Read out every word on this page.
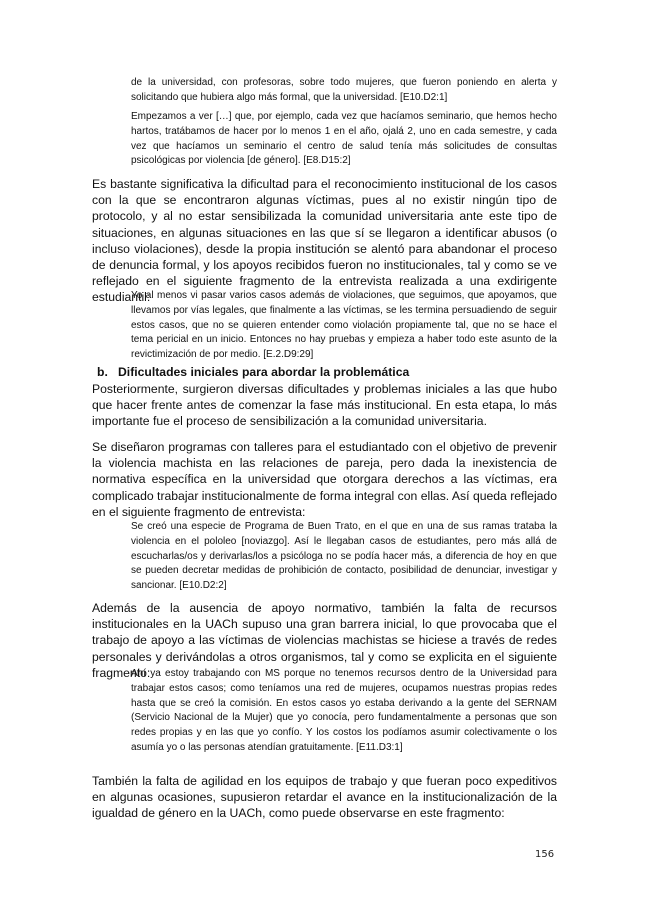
de la universidad, con profesoras, sobre todo mujeres, que fueron poniendo en alerta y solicitando que hubiera algo más formal, que la universidad. [E10.D2:1]

Empezamos a ver […] que, por ejemplo, cada vez que hacíamos seminario, que hemos hecho hartos, tratábamos de hacer por lo menos 1 en el año, ojalá 2, uno en cada semestre, y cada vez que hacíamos un seminario el centro de salud tenía más solicitudes de consultas psicológicas por violencia [de género]. [E8.D15:2]

Es bastante significativa la dificultad para el reconocimiento institucional de los casos con la que se encontraron algunas víctimas, pues al no existir ningún tipo de protocolo, y al no estar sensibilizada la comunidad universitaria ante este tipo de situaciones, en algunas situaciones en las que sí se llegaron a identificar abusos (o incluso violaciones), desde la propia institución se alentó para abandonar el proceso de denuncia formal, y los apoyos recibidos fueron no institucionales, tal y como se ve reflejado en el siguiente fragmento de la entrevista realizada a una exdirigente estudiantil:

Yo al menos vi pasar varios casos además de violaciones, que seguimos, que apoyamos, que llevamos por vías legales, que finalmente a las víctimas, se les termina persuadiendo de seguir estos casos, que no se quieren entender como violación propiamente tal, que no se hace el tema pericial en un inicio. Entonces no hay pruebas y empieza a haber todo este asunto de la revictimización de por medio. [E.2.D9:29]

b. Dificultades iniciales para abordar la problemática

Posteriormente, surgieron diversas dificultades y problemas iniciales a las que hubo que hacer frente antes de comenzar la fase más institucional. En esta etapa, lo más importante fue el proceso de sensibilización a la comunidad universitaria.

Se diseñaron programas con talleres para el estudiantado con el objetivo de prevenir la violencia machista en las relaciones de pareja, pero dada la inexistencia de normativa específica en la universidad que otorgara derechos a las víctimas, era complicado trabajar institucionalmente de forma integral con ellas. Así queda reflejado en el siguiente fragmento de entrevista:

Se creó una especie de Programa de Buen Trato, en el que en una de sus ramas trataba la violencia en el pololeo [noviazgo]. Así le llegaban casos de estudiantes, pero más allá de escucharlas/os y derivarlas/los a psicóloga no se podía hacer más, a diferencia de hoy en que se pueden decretar medidas de prohibición de contacto, posibilidad de denunciar, investigar y sancionar. [E10.D2:2]

Además de la ausencia de apoyo normativo, también la falta de recursos institucionales en la UACh supuso una gran barrera inicial, lo que provocaba que el trabajo de apoyo a las víctimas de violencias machistas se hiciese a través de redes personales y derivándolas a otros organismos, tal y como se explicita en el siguiente fragmento:

Ahí ya estoy trabajando con MS porque no tenemos recursos dentro de la Universidad para trabajar estos casos; como teníamos una red de mujeres, ocupamos nuestras propias redes hasta que se creó la comisión. En estos casos yo estaba derivando a la gente del SERNAM (Servicio Nacional de la Mujer) que yo conocía, pero fundamentalmente a personas que son redes propias y en las que yo confío. Y los costos los podíamos asumir colectivamente o los asumía yo o las personas atendían gratuitamente. [E11.D3:1]

También la falta de agilidad en los equipos de trabajo y que fueran poco expeditivos en algunas ocasiones, supusieron retardar el avance en la institucionalización de la igualdad de género en la UACh, como puede observarse en este fragmento:

156
